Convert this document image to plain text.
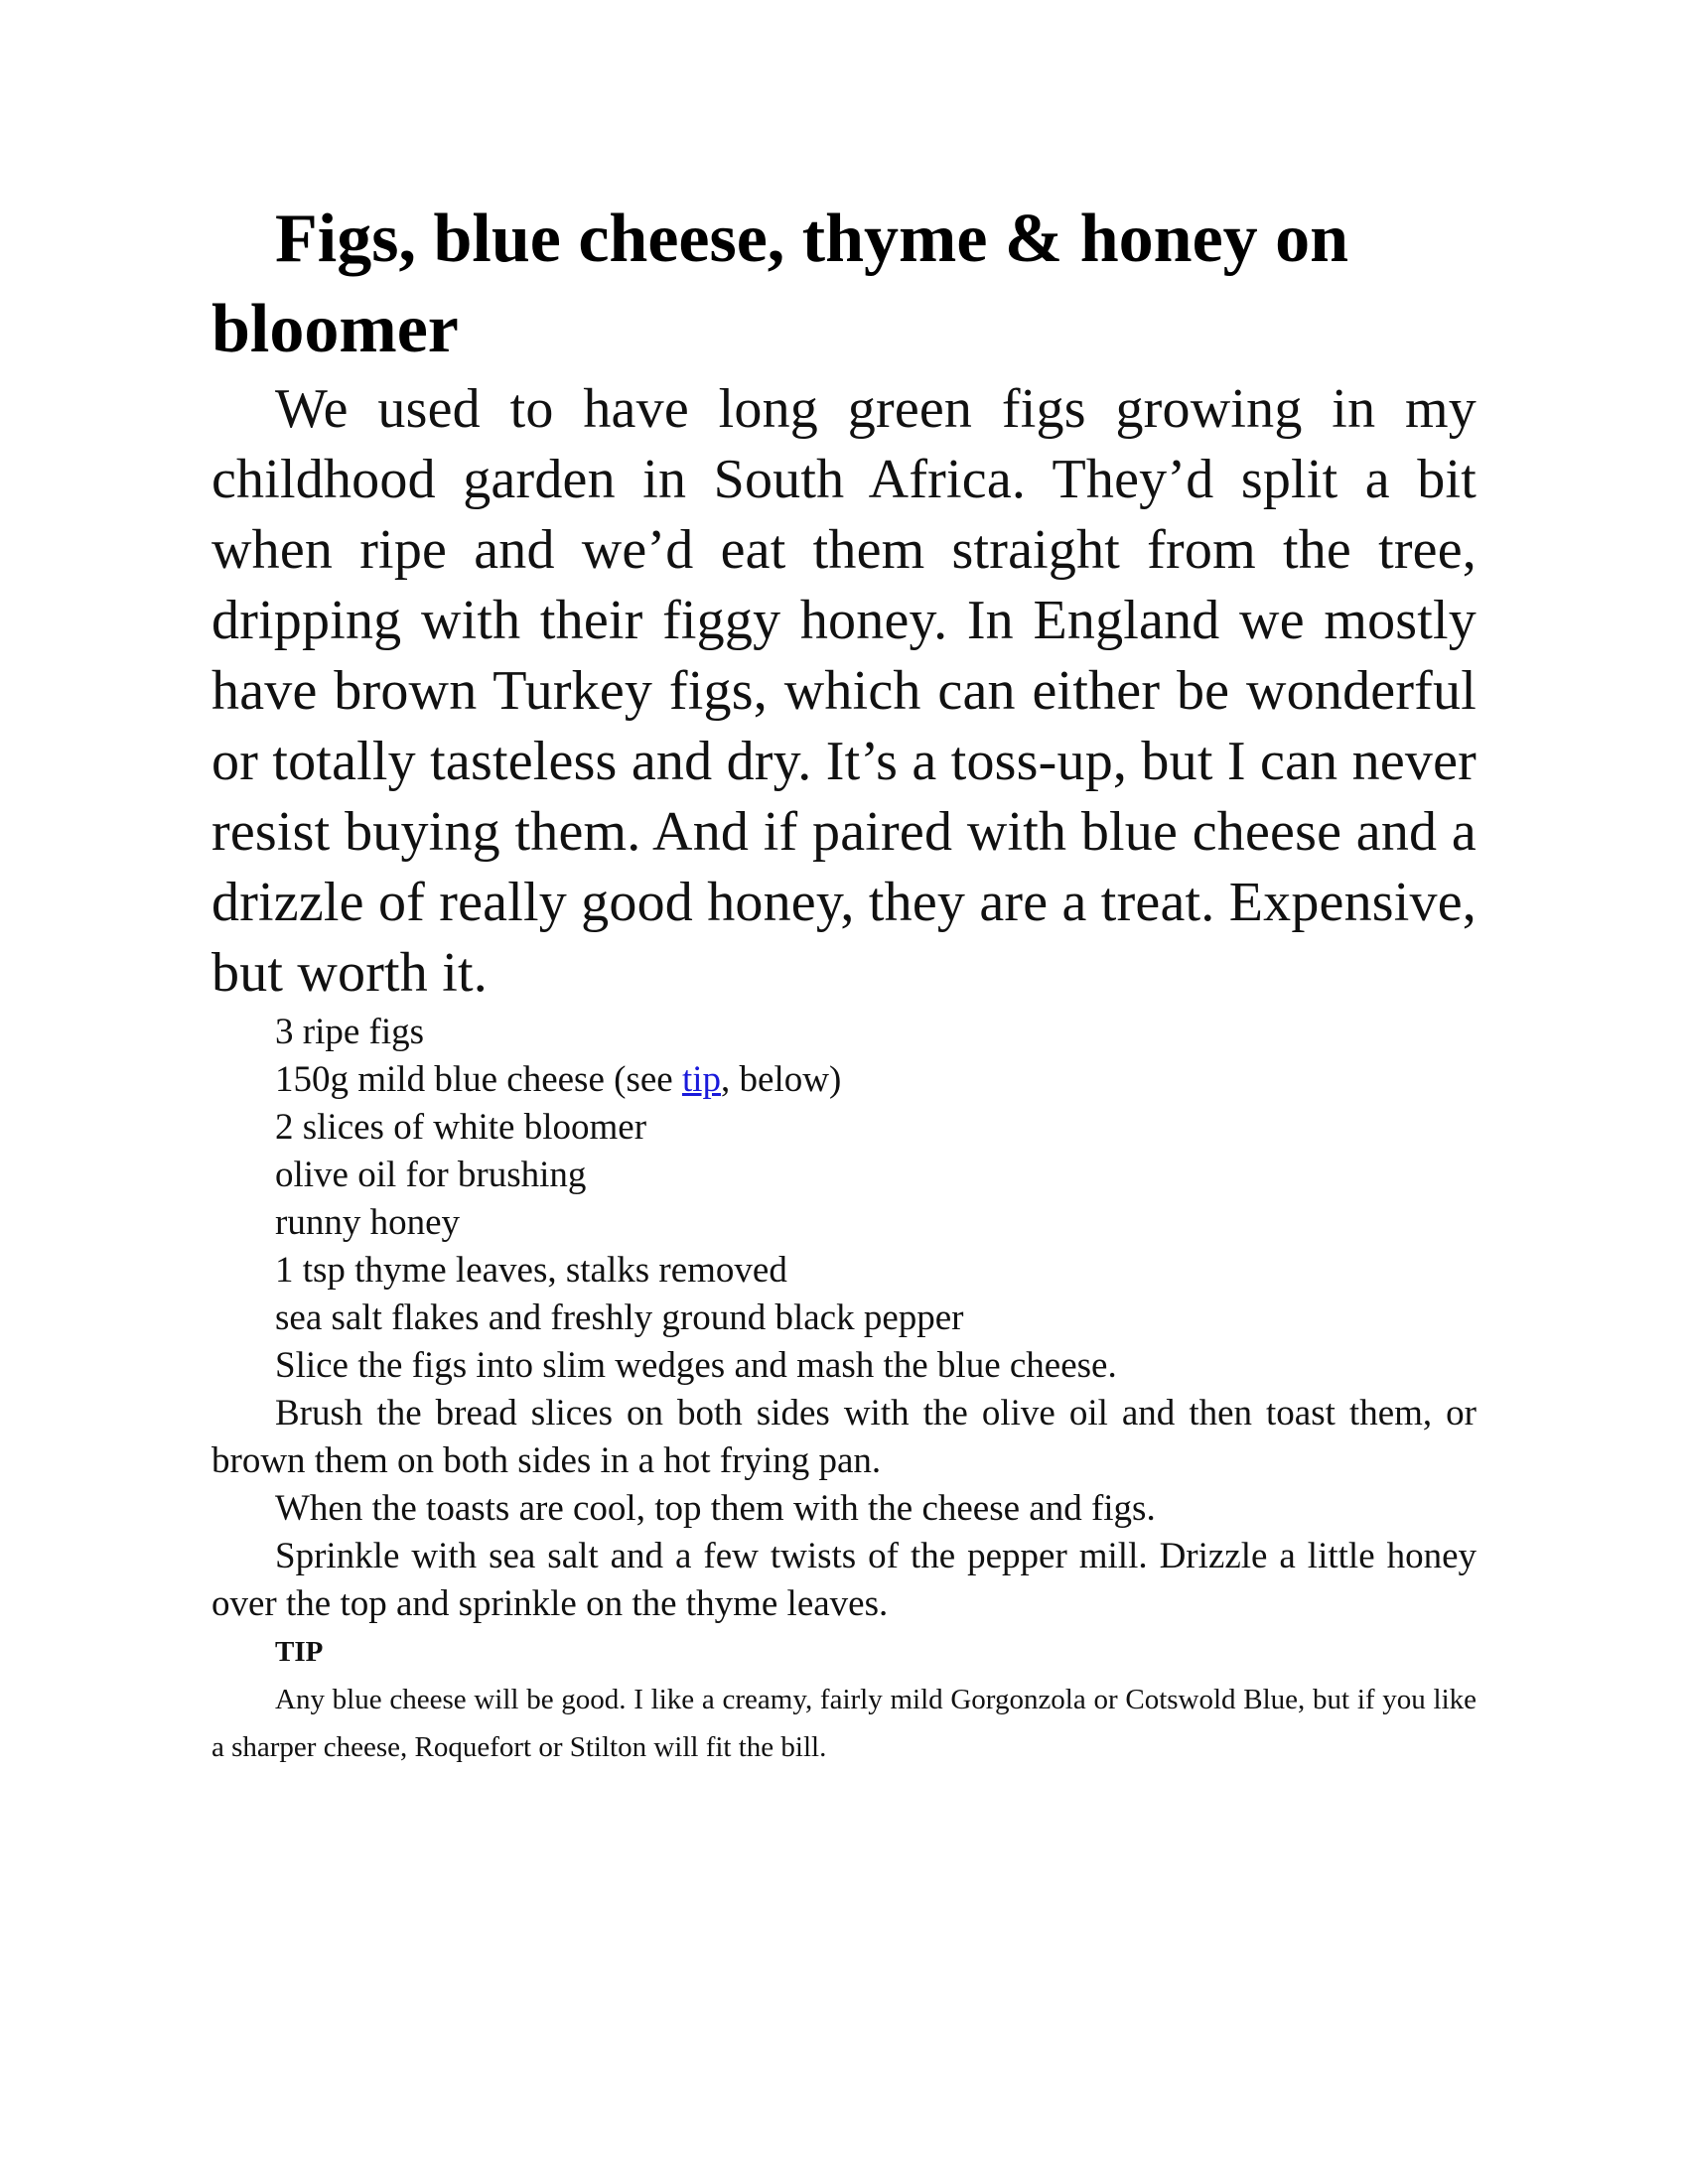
Figs, blue cheese, thyme & honey on bloomer

We used to have long green figs growing in my childhood garden in South Africa. They’d split a bit when ripe and we’d eat them straight from the tree, dripping with their figgy honey. In England we mostly have brown Turkey figs, which can either be wonderful or totally tasteless and dry. It’s a toss-up, but I can never resist buying them. And if paired with blue cheese and a drizzle of really good honey, they are a treat. Expensive, but worth it.

3 ripe figs
150g mild blue cheese (see tip, below)
2 slices of white bloomer
olive oil for brushing
runny honey
1 tsp thyme leaves, stalks removed
sea salt flakes and freshly ground black pepper

Slice the figs into slim wedges and mash the blue cheese.

Brush the bread slices on both sides with the olive oil and then toast them, or brown them on both sides in a hot frying pan.

When the toasts are cool, top them with the cheese and figs.

Sprinkle with sea salt and a few twists of the pepper mill. Drizzle a little honey over the top and sprinkle on the thyme leaves.

TIP

Any blue cheese will be good. I like a creamy, fairly mild Gorgonzola or Cotswold Blue, but if you like a sharper cheese, Roquefort or Stilton will fit the bill.
